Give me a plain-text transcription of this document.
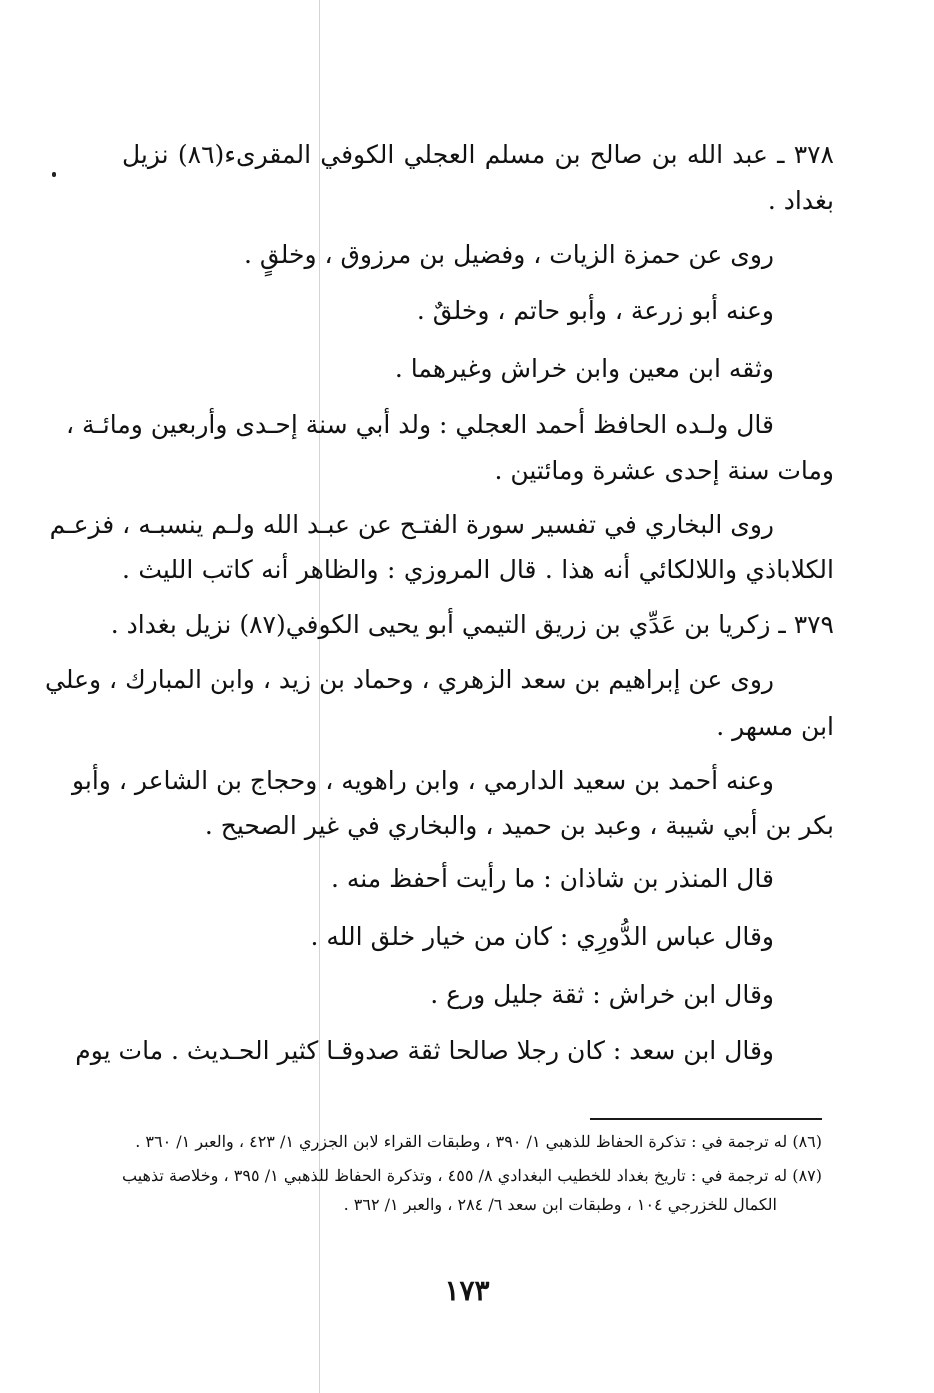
٣٧٨ ـ عبد الله بن صالح بن مسلم العجلي الكوفي المقرىء(٨٦) نزيل
بغداد .
روى عن حمزة الزيات ، وفضيل بن مرزوق ، وخلقٍ .
وعنه أبو زرعة ، وأبو حاتم ، وخلقٌ .
وثقه ابن معين وابن خراش وغيرهما .
قال ولـده الحافظ أحمد العجلي : ولد أبي سنة إحـدى وأربعين ومائـة ،
ومات سنة إحدى عشرة ومائتين .
روى البخاري في تفسير سورة الفتـح عن عبـد الله ولـم ينسبـه ، فزعـم
الكلاباذي واللالكائي أنه هذا . قال المروزي : والظاهر أنه كاتب الليث .
٣٧٩ ـ زكريا بن عَدِّي بن زريق التيمي أبو يحيى الكوفي(٨٧) نزيل بغداد .
روى عن إبراهيم بن سعد الزهري ، وحماد بن زيد ، وابن المبارك ، وعلي
ابن مسهر .
وعنه أحمد بن سعيد الدارمي ، وابن راهويه ، وحجاج بن الشاعر ، وأبو
بكر بن أبي شيبة ، وعبد بن حميد ، والبخاري في غير الصحيح .
قال المنذر بن شاذان : ما رأيت أحفظ منه .
وقال عباس الدُّورِي : كان من خيار خلق الله .
وقال ابن خراش : ثقة جليل ورع .
وقال ابن سعد : كان رجلا صالحا ثقة صدوقـا كثير الحـديث . مات يوم
(٨٦) له ترجمة في : تذكرة الحفاظ للذهبي ١/ ٣٩٠ ، وطبقات القراء لابن الجزري ١/ ٤٢٣ ، والعبر ١/ ٣٦٠ .
(٨٧) له ترجمة في : تاريخ بغداد للخطيب البغدادي ٨/ ٤٥٥ ، وتذكرة الحفاظ للذهبي ١/ ٣٩٥ ، وخلاصة تذهيب
الكمال للخزرجي ١٠٤ ، وطبقات ابن سعد ٦/ ٢٨٤ ، والعبر ١/ ٣٦٢ .
١٧٣
